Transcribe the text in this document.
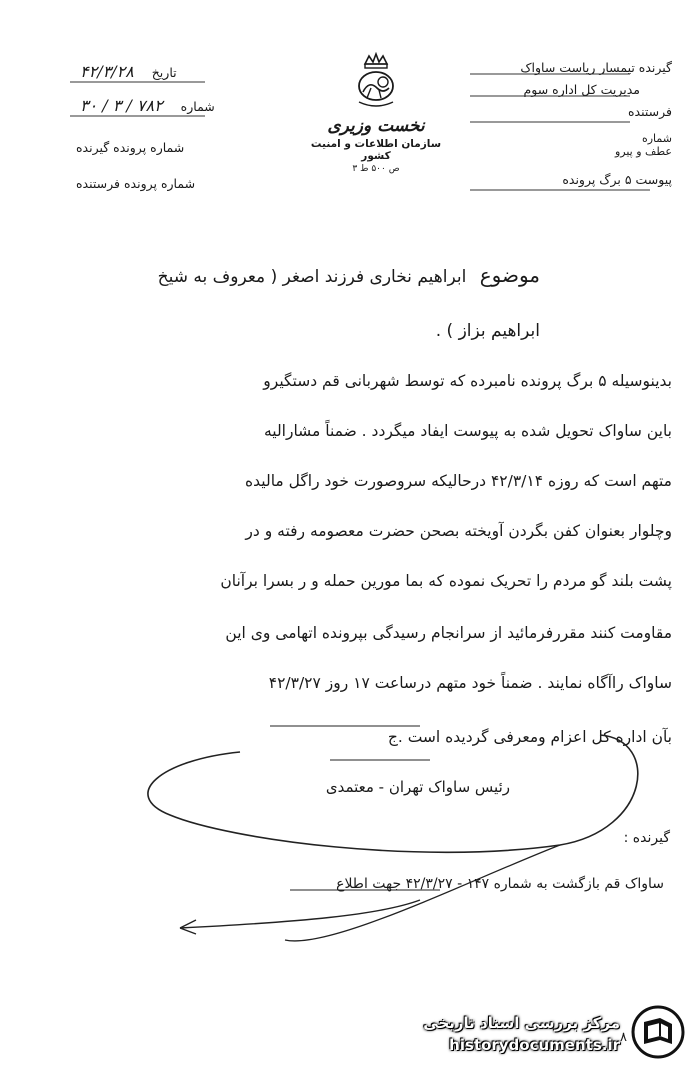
گیرنده تیمسار ریاست ساواک
مدیریت کل اداره سوم
فرستنده
شماره عطف و پیرو
پیوست ۵ برگ پرونده
نخست وزیری
سازمان اطلاعات و امنیت کشور
ص ۵۰۰ ط ۳
تاریخ ۴۲/۳/۲۸
شماره ۷۸۲ / ۳ / ۳۰
شماره پرونده گیرنده
شماره پرونده فرستنده
موضوع ابراهیم نخاری فرزند اصغر ( معروف به شیخ
ابراهیم بزاز ) .
بدینوسیله ۵ برگ پرونده نامبرده که توسط شهربانی قم دستگیرو
باین ساواک تحویل شده به پیوست ایفاد میگردد . ضمناً مشارالیه
متهم است که روزه ۴۲/۳/۱۴ درحالیکه سروصورت خود راگل مالیده
وچلوار بعنوان کفن بگردن آویخته بصحن حضرت معصومه رفته و در
پشت بلند گو مردم را تحریک نموده که بما مورین حمله و ر بسرا برآنان
مقاومت کنند مقررفرمائید از سرانجام رسیدگی بپرونده اتهامی وی این
ساواک راآگاه نمایند . ضمناً خود متهم درساعت ۱۷ روز ۴۲/۳/۲۷
بآن اداره کل اعزام ومعرفی گردیده است .ج
رئیس ساواک تهران - معتمدی
گیرنده :
ساواک قم بازگشت به شماره ۱۴۷ - ۴۲/۳/۲۷ جهت اطلاع
مرکز بررسی اسناد تاریخی
historydocuments.ir ۸
